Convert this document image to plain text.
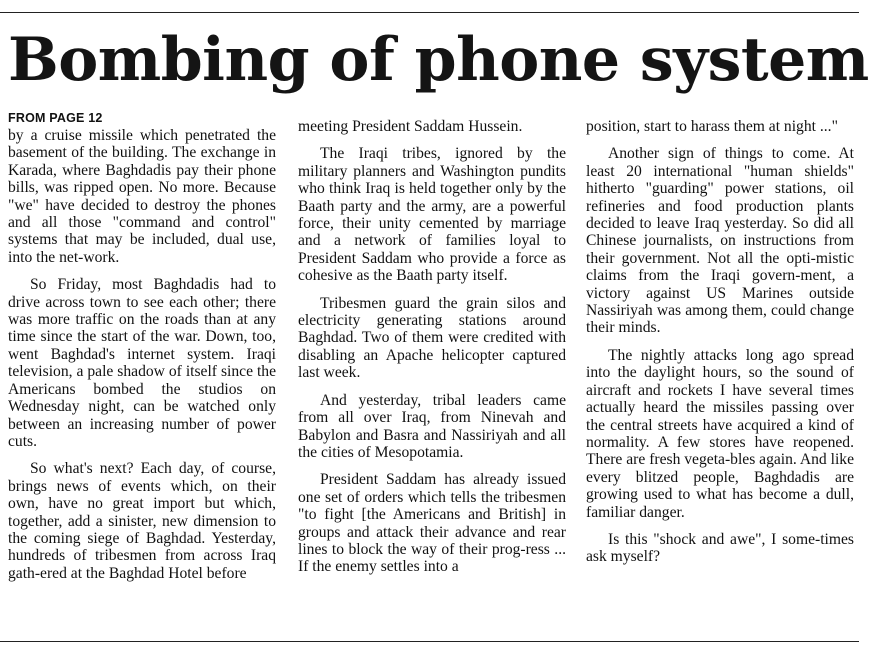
Bombing of phone system
FROM PAGE 12

by a cruise missile which penetrated the basement of the building. The exchange in Karada, where Baghdadis pay their phone bills, was ripped open. No more. Because "we" have decided to destroy the phones and all those "command and control" systems that may be included, dual use, into the net-work.

So Friday, most Baghdadis had to drive across town to see each other; there was more traffic on the roads than at any time since the start of the war. Down, too, went Baghdad's internet system. Iraqi television, a pale shadow of itself since the Americans bombed the studios on Wednesday night, can be watched only between an increasing number of power cuts.

So what's next? Each day, of course, brings news of events which, on their own, have no great import but which, together, add a sinister, new dimension to the coming siege of Baghdad. Yesterday, hundreds of tribesmen from across Iraq gath-ered at the Baghdad Hotel before

meeting President Saddam Hussein.

The Iraqi tribes, ignored by the military planners and Washington pundits who think Iraq is held together only by the Baath party and the army, are a powerful force, their unity cemented by marriage and a network of families loyal to President Saddam who provide a force as cohesive as the Baath party itself.

Tribesmen guard the grain silos and electricity generating stations around Baghdad. Two of them were credited with disabling an Apache helicopter captured last week.

And yesterday, tribal leaders came from all over Iraq, from Ninevah and Babylon and Basra and Nassiriyah and all the cities of Mesopotamia.

President Saddam has already issued one set of orders which tells the tribesmen "to fight [the Americans and British] in groups and attack their advance and rear lines to block the way of their prog-ress ... If the enemy settles into a

position, start to harass them at night ..."

Another sign of things to come. At least 20 international "human shields" hitherto "guarding" power stations, oil refineries and food production plants decided to leave Iraq yesterday. So did all Chinese journalists, on instructions from their government. Not all the opti-mistic claims from the Iraqi govern-ment, a victory against US Marines outside Nassiriyah was among them, could change their minds.

The nightly attacks long ago spread into the daylight hours, so the sound of aircraft and rockets I have several times actually heard the missiles passing over the central streets have acquired a kind of normality. A few stores have reopened. There are fresh vegeta-bles again. And like every blitzed people, Baghdadis are growing used to what has become a dull, familiar danger.

Is this "shock and awe", I some-times ask myself?
